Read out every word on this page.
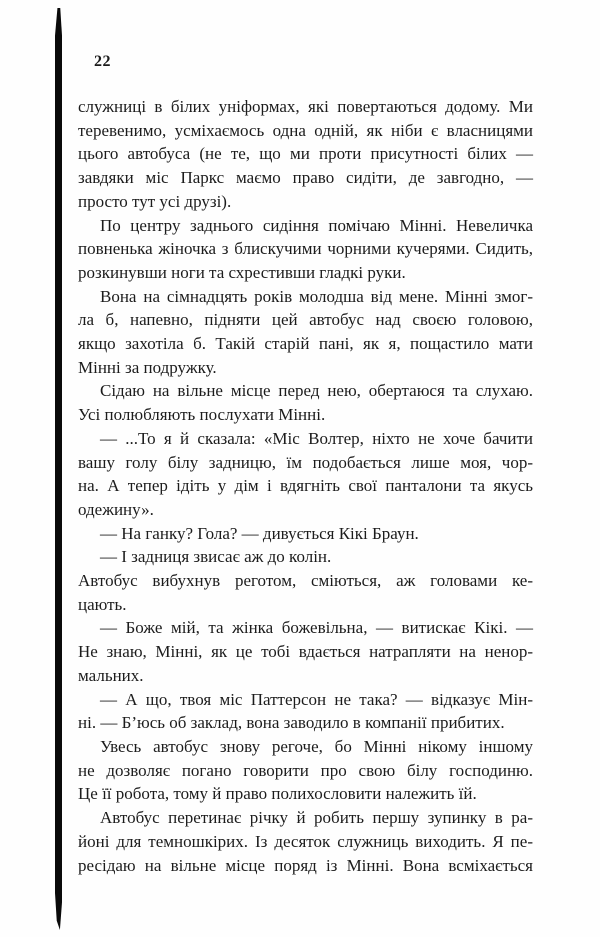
22
служниці в білих уніформах, які повертаються додому. Ми
теревенимо, усміхаємось одна одній, як ніби є власницями
цього автобуса (не те, що ми проти присутності білих —
завдяки міс Паркс маємо право сидіти, де завгодно, —
просто тут усі друзі).
По центру заднього сидіння помічаю Мінні. Невеличка
повненька жіночка з блискучими чорними кучерями. Сидить,
розкинувши ноги та схрестивши гладкі руки.
Вона на сімнадцять років молодша від мене. Мінні змог-
ла б, напевно, підняти цей автобус над своєю головою,
якщо захотіла б. Такій старій пані, як я, пощастило мати
Мінні за подружку.
Сідаю на вільне місце перед нею, обертаюся та слухаю.
Усі полюбляють послухати Мінні.
— ...То я й сказала: «Міс Волтер, ніхто не хоче бачити
вашу голу білу задницю, їм подобається лише моя, чор-
на. А тепер ідіть у дім і вдягніть свої панталони та якусь
одежину».
— На ганку? Гола? — дивується Кікі Браун.
— І задниця звисає аж до колін.
Автобус вибухнув реготом, сміються, аж головами ке-
цають.
— Боже мій, та жінка божевільна, — витискає Кікі. —
Не знаю, Мінні, як це тобі вдається натрапляти на ненор-
мальних.
— А що, твоя міс Паттерсон не така? — відказує Мін-
ні. — Б’юсь об заклад, вона заводило в компанії прибитих.
Увесь автобус знову регоче, бо Мінні нікому іншому
не дозволяє погано говорити про свою білу господиню.
Це її робота, тому й право полихословити належить їй.
Автобус перетинає річку й робить першу зупинку в ра-
йоні для темношкірих. Із десяток служниць виходить. Я пе-
ресідаю на вільне місце поряд із Мінні. Вона всміхається
